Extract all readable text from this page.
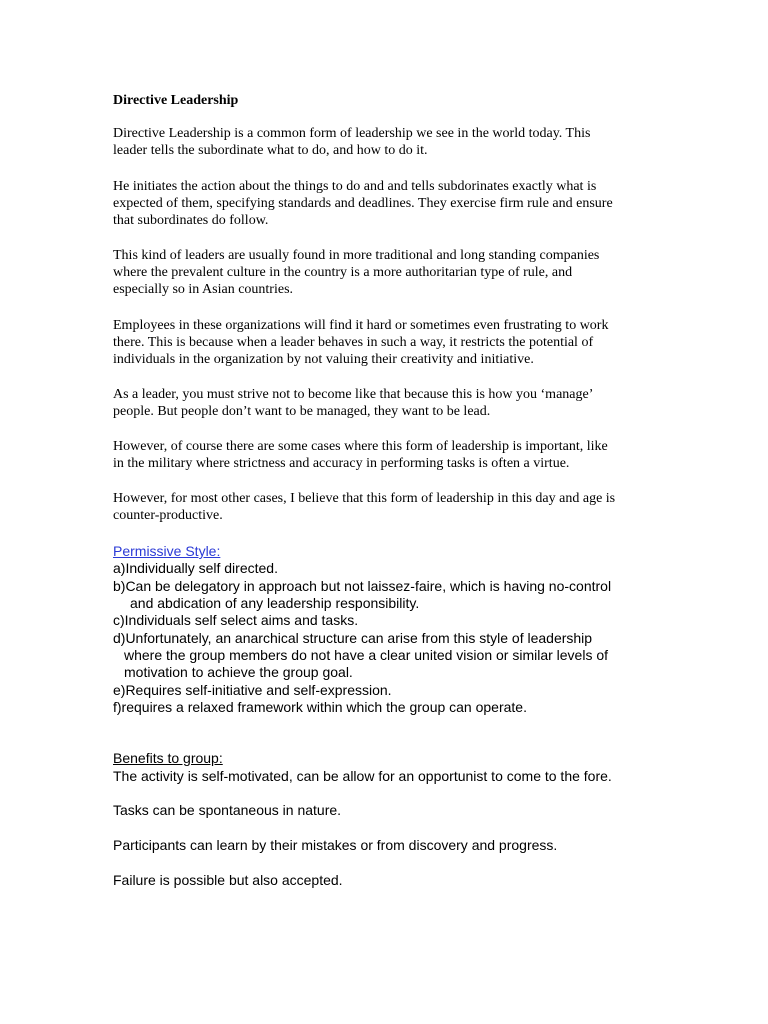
Directive Leadership

Directive Leadership is a common form of leadership we see in the world today. This
leader tells the subordinate what to do, and how to do it.
He initiates the action about the things to do and and tells subdorinates exactly what is
expected of them, specifying standards and deadlines. They exercise firm rule and ensure
that subordinates do follow.
This kind of leaders are usually found in more traditional and long standing companies
where the prevalent culture in the country is a more authoritarian type of rule, and
especially so in Asian countries.
Employees in these organizations will find it hard or sometimes even frustrating to work
there. This is because when a leader behaves in such a way, it restricts the potential of
individuals in the organization by not valuing their creativity and initiative.
As a leader, you must strive not to become like that because this is how you ‘manage’
people. But people don’t want to be managed, they want to be lead.
However, of course there are some cases where this form of leadership is important, like
in the military where strictness and accuracy in performing tasks is often a virtue.
However, for most other cases, I believe that this form of leadership in this day and age is
counter-productive.

Permissive Style:

a)Individually self directed.
b)Can be delegatory in approach but not laissez-faire, which is having no-control
and abdication of any leadership responsibility.
c)Individuals self select aims and tasks.
d)Unfortunately, an anarchical structure can arise from this style of leadership
where the group members do not have a clear united vision or similar levels of
motivation to achieve the group goal.
e)Requires self-initiative and self-expression.
f)requires a relaxed framework within which the group can operate.

Benefits to group:

The activity is self-motivated, can be allow for an opportunist to come to the fore.
Tasks can be spontaneous in nature.
Participants can learn by their mistakes or from discovery and progress.
Failure is possible but also accepted.
